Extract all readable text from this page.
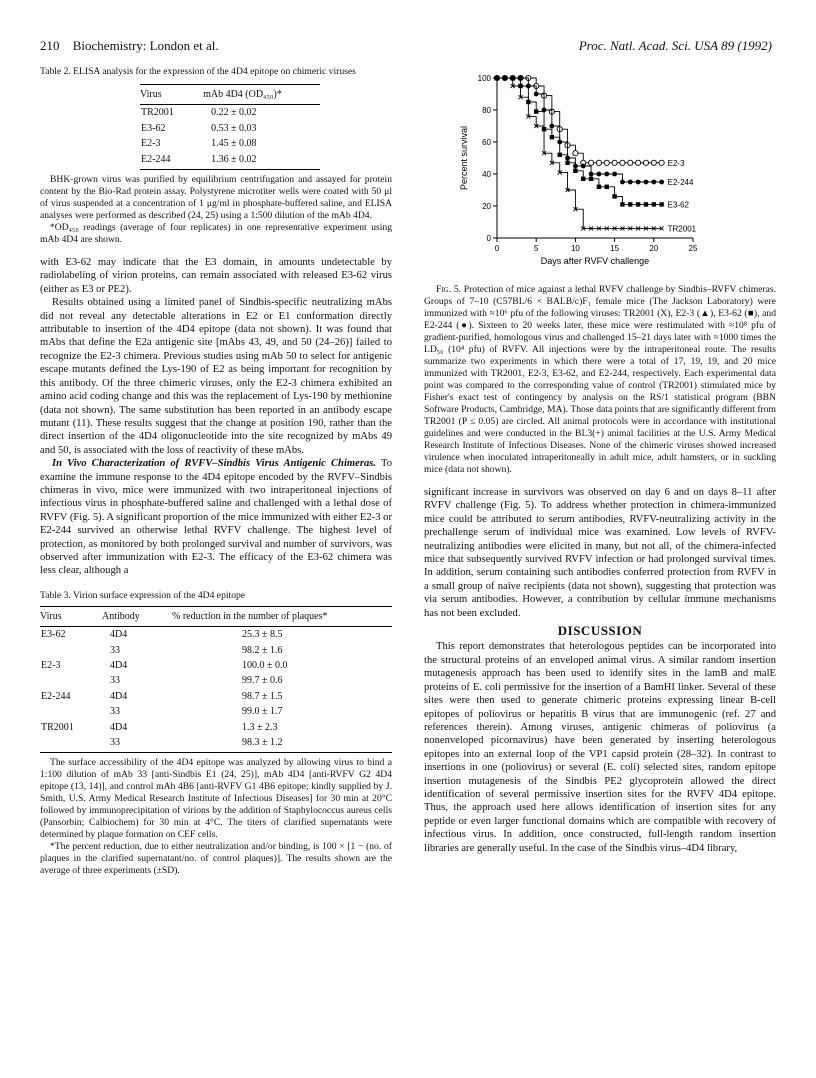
210 Biochemistry: London et al.	Proc. Natl. Acad. Sci. USA 89 (1992)
Table 2. ELISA analysis for the expression of the 4D4 epitope on chimeric viruses
Virus	mAb 4D4 (OD₄₅₀)*
TR2001	0.22 ± 0.02
E3-62	0.53 ± 0.03
E2-3	1.45 ± 0.08
E2-244	1.36 ± 0.02

BHK-grown virus was purified by equilibrium centrifugation and assayed for protein content by the Bio-Rad protein assay. Polystyrene microtiter wells were coated with 50 μl of virus suspended at a concentration of 1 μg/ml in phosphate-buffered saline, and ELISA analyses were performed as described (24, 25) using a 1:500 dilution of the mAb 4D4.

*OD₄₅₀ readings (average of four replicates) in one representative experiment using mAb 4D4 are shown.

with E3-62 may indicate that the E3 domain, in amounts undetectable by radiolabeling of virion proteins, can remain associated with released E3-62 virus (either as E3 or PE2).

Results obtained using a limited panel of Sindbis-specific neutralizing mAbs did not reveal any detectable alterations in E2 or E1 conformation directly attributable to insertion of the 4D4 epitope (data not shown). It was found that mAbs that define the E2a antigenic site [mAbs 43, 49, and 50 (24–26)] failed to recognize the E2-3 chimera. Previous studies using mAb 50 to select for antigenic escape mutants defined the Lys-190 of E2 as being important for recognition by this antibody. Of the three chimeric viruses, only the E2-3 chimera exhibited an amino acid coding change and this was the replacement of Lys-190 by methionine (data not shown). The same substitution has been reported in an antibody escape mutant (11). These results suggest that the change at position 190, rather than the direct insertion of the 4D4 oligonucleotide into the site recognized by mAbs 49 and 50, is associated with the loss of reactivity of these mAbs.

In Vivo Characterization of RVFV–Sindbis Virus Antigenic Chimeras. To examine the immune response to the 4D4 epitope encoded by the RVFV–Sindbis chimeras in vivo, mice were immunized with two intraperitoneal injections of infectious virus in phosphate-buffered saline and challenged with a lethal dose of RVFV (Fig. 5). A significant proportion of the mice immunized with either E2-3 or E2-244 survived an otherwise lethal RVFV challenge. The highest level of protection, as monitored by both prolonged survival and number of survivors, was observed after immunization with E2-3. The efficacy of the E3-62 chimera was less clear, although a

Table 3. Virion surface expression of the 4D4 epitope
Virus	Antibody	% reduction in the number of plaques*
E3-62	4D4	25.3 ± 8.5
	33	98.2 ± 1.6
E2-3	4D4	100.0 ± 0.0
	33	99.7 ± 0.6
E2-244	4D4	98.7 ± 1.5
	33	99.0 ± 1.7
TR2001	4D4	1.3 ± 2.3
	33	98.3 ± 1.2

The surface accessibility of the 4D4 epitope was analyzed by allowing virus to bind a 1:100 dilution of mAb 33 [anti-Sindbis E1 (24, 25)], mAb 4D4 [anti-RVFV G2 4D4 epitope (13, 14)], and control mAb 4B6 [anti-RVFV G1 4B6 epitope; kindly supplied by J. Smith, U.S. Army Medical Research Institute of Infectious Diseases] for 30 min at 20°C followed by immunoprecipitation of virions by the addition of Staphylococcus aureus cells (Pansorbin; Calbiochem) for 30 min at 4°C. The titers of clarified supernatants were determined by plaque formation on CEF cells.

*The percent reduction, due to either neutralization and/or binding, is 100 × [1 − (no. of plaques in the clarified supernatant/no. of control plaques)]. The results shown are the average of three experiments (±SD).

0
20
40
60
80
100
0	5	10	15	20	25
Days after RVFV challenge
Percent survival	E2-3
E2-244
E3-62
TR2001

Fig. 5. Protection of mice against a lethal RVFV challenge by Sindbis–RVFV chimeras. Groups of 7–10 (C57BL/6 × BALB/c)F₁ female mice (The Jackson Laboratory) were immunized with ≈10⁶ pfu of the following viruses: TR2001 (X), E2-3 (▲), E3-62 (■), and E2-244 (●). Sixteen to 20 weeks later, these mice were restimulated with ≈10⁸ pfu of gradient-purified, homologous virus and challenged 15–21 days later with ≈1000 times the LD₅₀ (10⁴ pfu) of RVFV. All injections were by the intraperitoneal route. The results summarize two experiments in which there were a total of 17, 19, 19, and 20 mice immunized with TR2001, E2-3, E3-62, and E2-244, respectively. Each experimental data point was compared to the corresponding value of control (TR2001) stimulated mice by Fisher's exact test of contingency by analysis on the RS/1 statistical program (BBN Software Products, Cambridge, MA). Those data points that are significantly different from TR2001 (P ≤ 0.05) are circled. All animal protocols were in accordance with institutional guidelines and were conducted in the BL3(+) animal facilities at the U.S. Army Medical Research Institute of Infectious Diseases. None of the chimeric viruses showed increased virulence when inoculated intraperitoneally in adult mice, adult hamsters, or in suckling mice (data not shown).

significant increase in survivors was observed on day 6 and on days 8–11 after RVFV challenge (Fig. 5). To address whether protection in chimera-immunized mice could be attributed to serum antibodies, RVFV-neutralizing activity in the prechallenge serum of individual mice was examined. Low levels of RVFV-neutralizing antibodies were elicited in many, but not all, of the chimera-infected mice that subsequently survived RVFV infection or had prolonged survival times. In addition, serum containing such antibodies conferred protection from RVFV in a small group of naive recipients (data not shown), suggesting that protection was via serum antibodies. However, a contribution by cellular immune mechanisms has not been excluded.

DISCUSSION

This report demonstrates that heterologous peptides can be incorporated into the structural proteins of an enveloped animal virus. A similar random insertion mutagenesis approach has been used to identify sites in the lamB and malE proteins of E. coli permissive for the insertion of a BamHI linker. Several of these sites were then used to generate chimeric proteins expressing linear B-cell epitopes of poliovirus or hepatitis B virus that are immunogenic (ref. 27 and references therein). Among viruses, antigenic chimeras of poliovirus (a nonenveloped picornavirus) have been generated by inserting heterologous epitopes into an external loop of the VP1 capsid protein (28–32). In contrast to insertions in one (poliovirus) or several (E. coli) selected sites, random epitope insertion mutagenesis of the Sindbis PE2 glycoprotein allowed the direct identification of several permissive insertion sites for the RVFV 4D4 epitope. Thus, the approach used here allows identification of insertion sites for any peptide or even larger functional domains which are compatible with recovery of infectious virus. In addition, once constructed, full-length random insertion libraries are generally useful. In the case of the Sindbis virus–4D4 library,
